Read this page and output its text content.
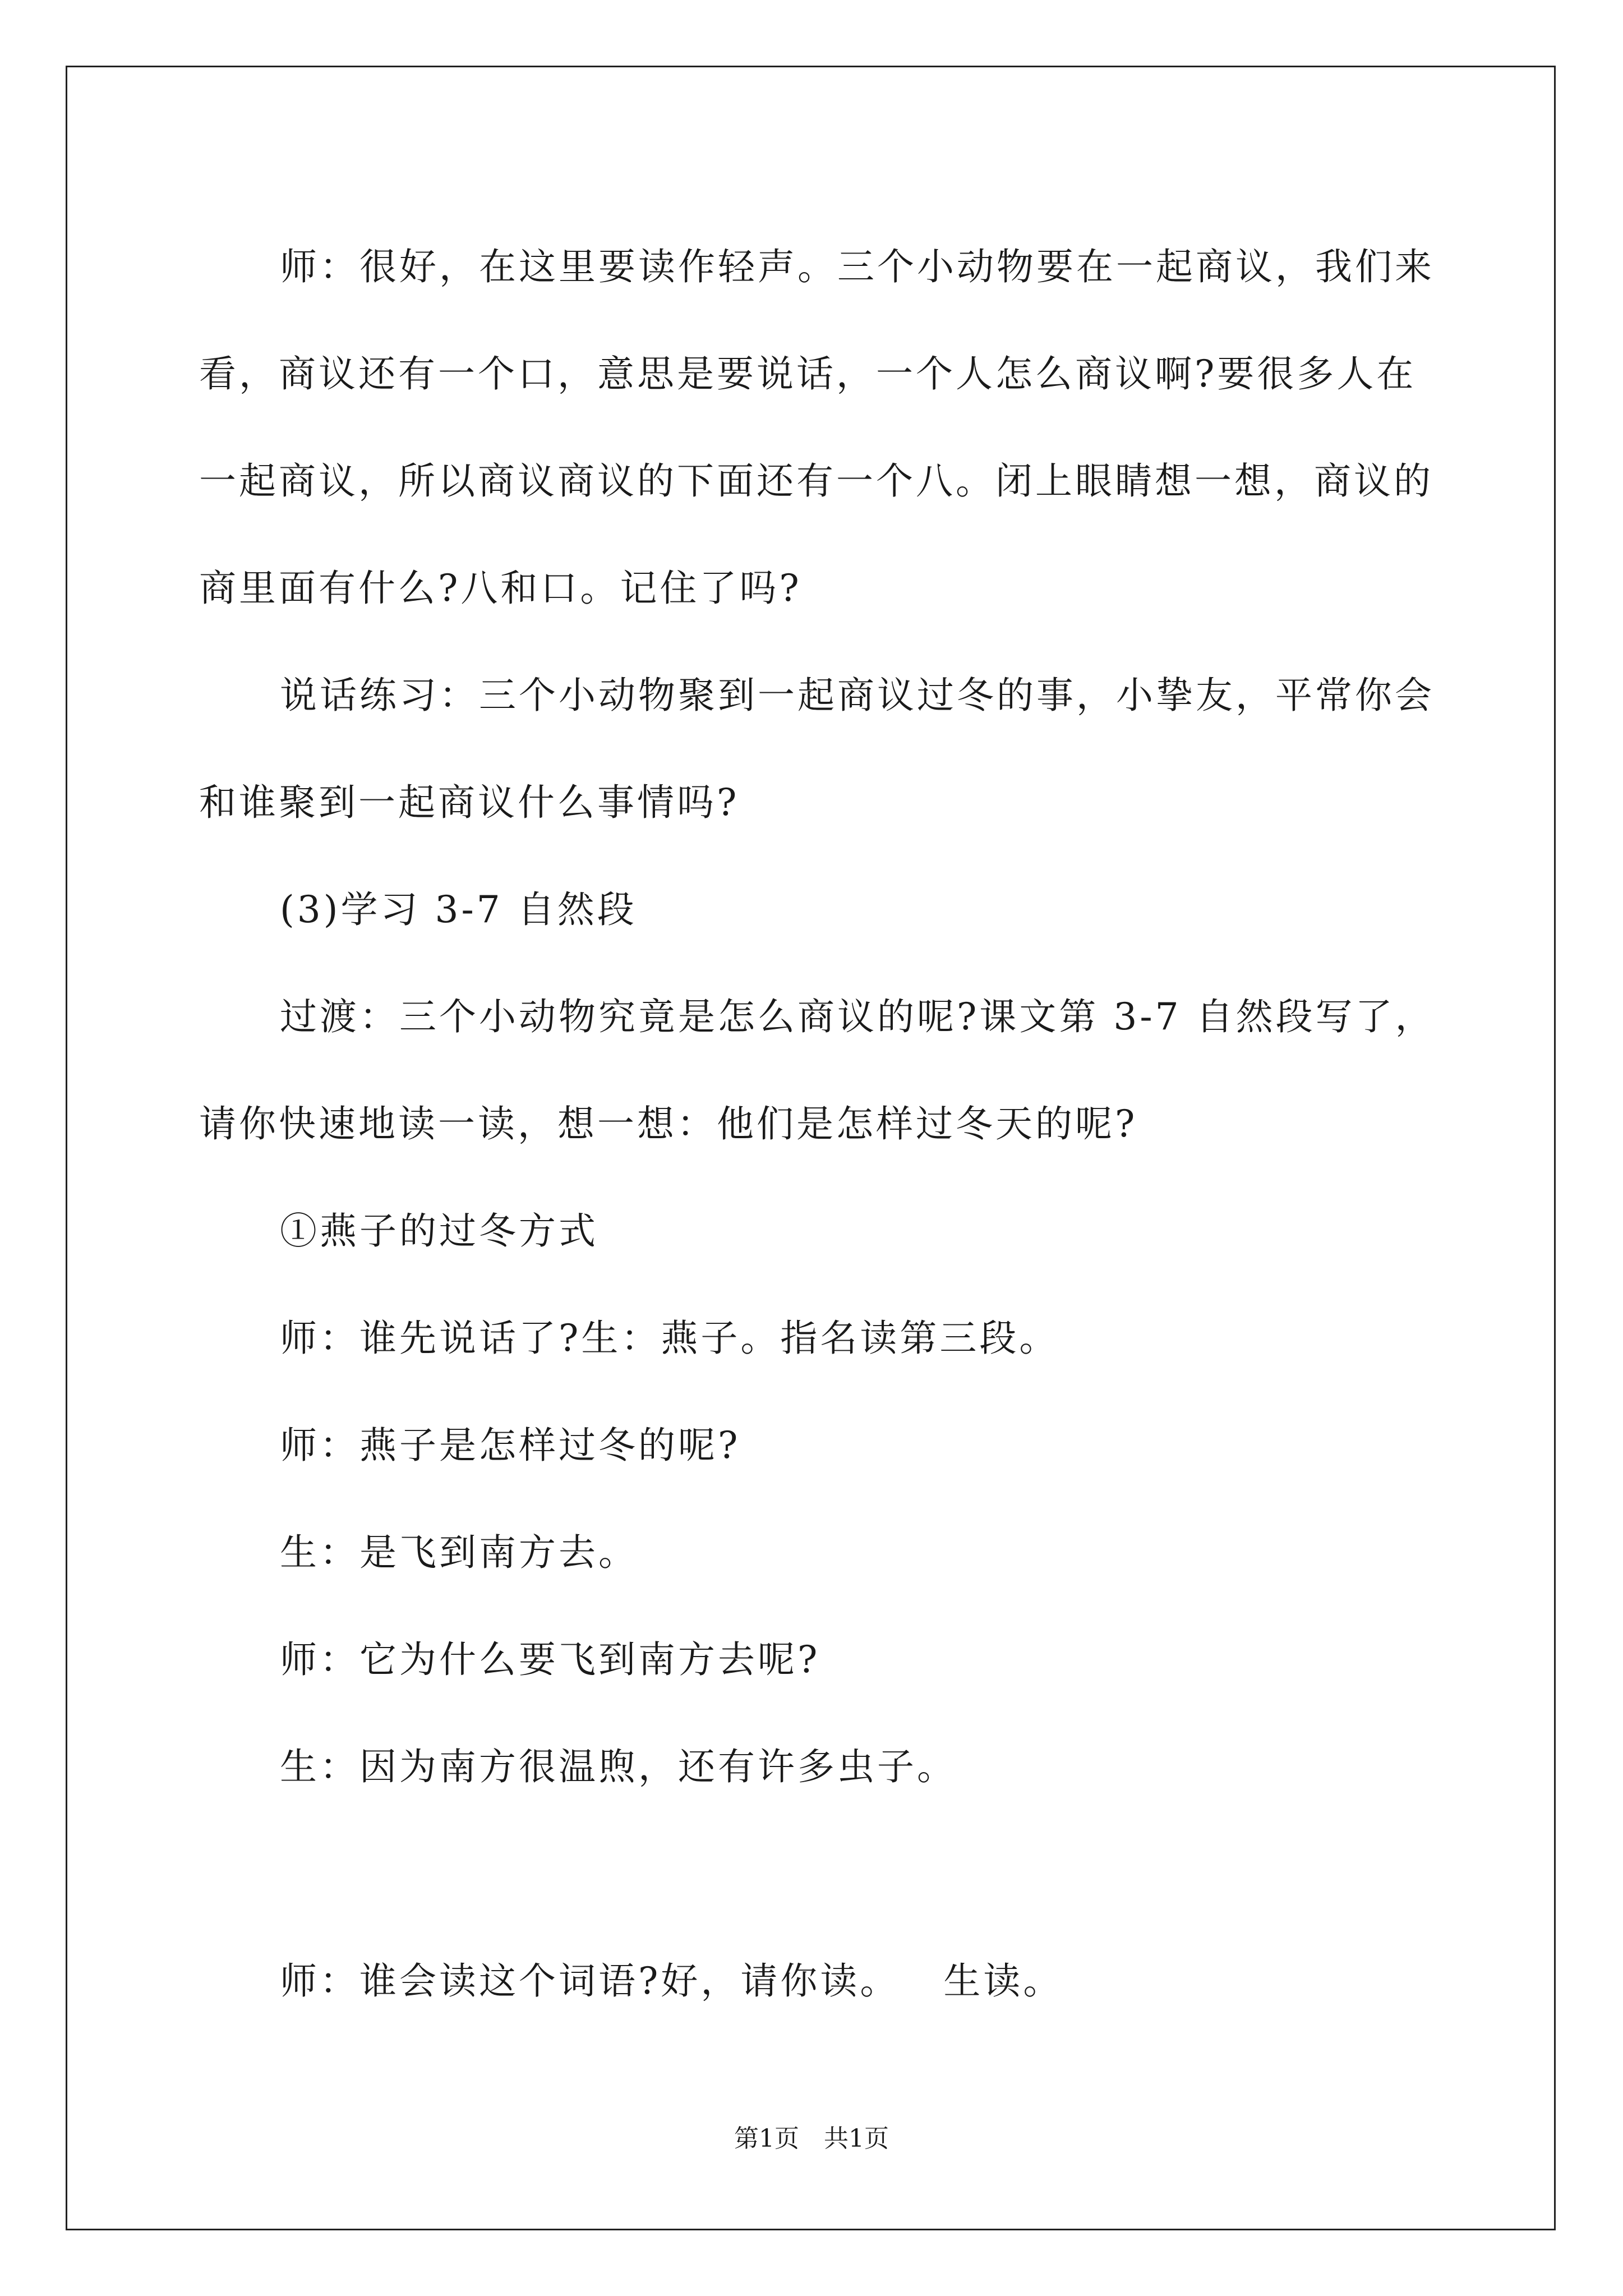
师：很好，在这里要读作轻声。三个小动物要在一起商议，我们来看，商议还有一个口，意思是要说话，一个人怎么商议啊?要很多人在一起商议，所以商议商议的下面还有一个八。闭上眼睛想一想，商议的商里面有什么?八和口。记住了吗?

说话练习：三个小动物聚到一起商议过冬的事，小挚友，平常你会和谁聚到一起商议什么事情吗?

(3)学习 3-7 自然段

过渡：三个小动物究竟是怎么商议的呢?课文第 3-7 自然段写了，请你快速地读一读，想一想：他们是怎样过冬天的呢?

①燕子的过冬方式

师：谁先说话了?生：燕子。指名读第三段。

师：燕子是怎样过冬的呢?

生：是飞到南方去。

师：它为什么要飞到南方去呢?

生：因为南方很温煦，还有许多虫子。

师：谁会读这个词语?好，请你读。   生读。

第1页 共1页
